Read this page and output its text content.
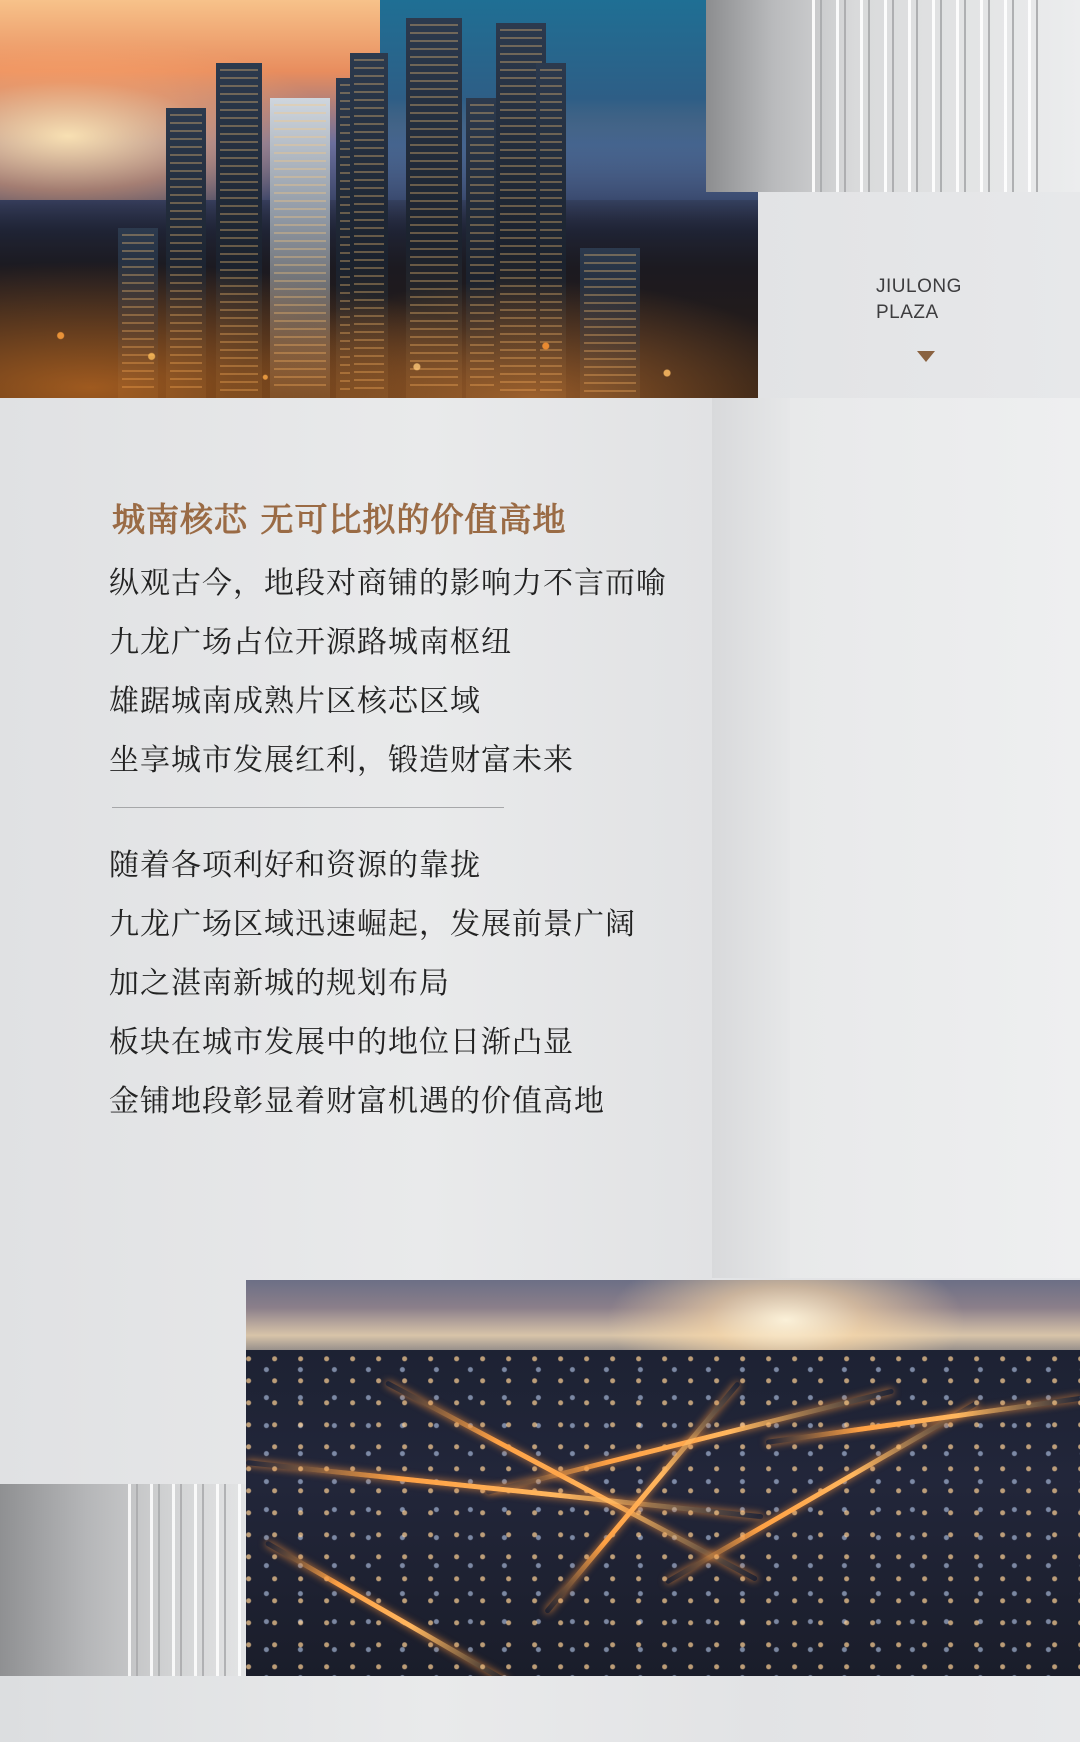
JIULONG
PLAZA
城南核芯 无可比拟的价值高地
纵观古今，地段对商铺的影响力不言而喻
九龙广场占位开源路城南枢纽
雄踞城南成熟片区核芯区域
坐享城市发展红利，锻造财富未来
随着各项利好和资源的靠拢
九龙广场区域迅速崛起，发展前景广阔
加之湛南新城的规划布局
板块在城市发展中的地位日渐凸显
金铺地段彰显着财富机遇的价值高地
